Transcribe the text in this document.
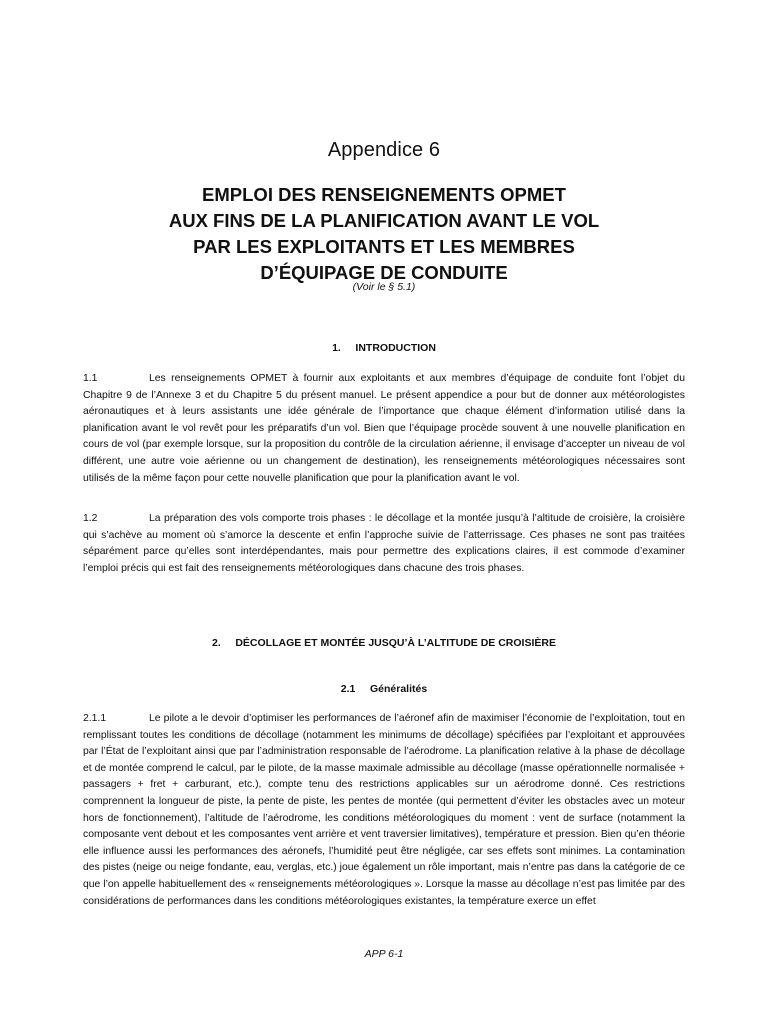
Appendice 6
EMPLOI DES RENSEIGNEMENTS OPMET
AUX FINS DE LA PLANIFICATION AVANT LE VOL
PAR LES EXPLOITANTS ET LES MEMBRES
D’ÉQUIPAGE DE CONDUITE
(Voir le § 5.1)
1.     INTRODUCTION
1.1	Les renseignements OPMET à fournir aux exploitants et aux membres d’équipage de conduite font l’objet du Chapitre 9 de l’Annexe 3 et du Chapitre 5 du présent manuel. Le présent appendice a pour but de donner aux météorologistes aéronautiques et à leurs assistants une idée générale de l’importance que chaque élément d’information utilisé dans la planification avant le vol revêt pour les préparatifs d’un vol. Bien que l’équipage procède souvent à une nouvelle planification en cours de vol (par exemple lorsque, sur la proposition du contrôle de la circulation aérienne, il envisage d’accepter un niveau de vol différent, une autre voie aérienne ou un changement de destination), les renseignements météorologiques nécessaires sont utilisés de la même façon pour cette nouvelle planification que pour la planification avant le vol.
1.2	La préparation des vols comporte trois phases : le décollage et la montée jusqu’à l’altitude de croisière, la croisière qui s’achève au moment où s’amorce la descente et enfin l’approche suivie de l’atterrissage. Ces phases ne sont pas traitées séparément parce qu’elles sont interdépendantes, mais pour permettre des explications claires, il est commode d’examiner l’emploi précis qui est fait des renseignements météorologiques dans chacune des trois phases.
2.     DÉCOLLAGE ET MONTÉE JUSQU’À L’ALTITUDE DE CROISIÈRE
2.1     Généralités
2.1.1	Le pilote a le devoir d’optimiser les performances de l’aéronef afin de maximiser l’économie de l’exploitation, tout en remplissant toutes les conditions de décollage (notamment les minimums de décollage) spécifiées par l’exploitant et approuvées par l’État de l’exploitant ainsi que par l’administration responsable de l’aérodrome. La planification relative à la phase de décollage et de montée comprend le calcul, par le pilote, de la masse maximale admissible au décollage (masse opérationnelle normalisée + passagers + fret + carburant, etc.), compte tenu des restrictions applicables sur un aérodrome donné. Ces restrictions comprennent la longueur de piste, la pente de piste, les pentes de montée (qui permettent d’éviter les obstacles avec un moteur hors de fonctionnement), l’altitude de l’aérodrome, les conditions météorologiques du moment : vent de surface (notamment la composante vent debout et les composantes vent arrière et vent traversier limitatives), température et pression. Bien qu’en théorie elle influence aussi les performances des aéronefs, l’humidité peut être négligée, car ses effets sont minimes. La contamination des pistes (neige ou neige fondante, eau, verglas, etc.) joue également un rôle important, mais n’entre pas dans la catégorie de ce que l’on appelle habituellement des « renseignements météorologiques ». Lorsque la masse au décollage n’est pas limitée par des considérations de performances dans les conditions météorologiques existantes, la température exerce un effet
APP 6-1
